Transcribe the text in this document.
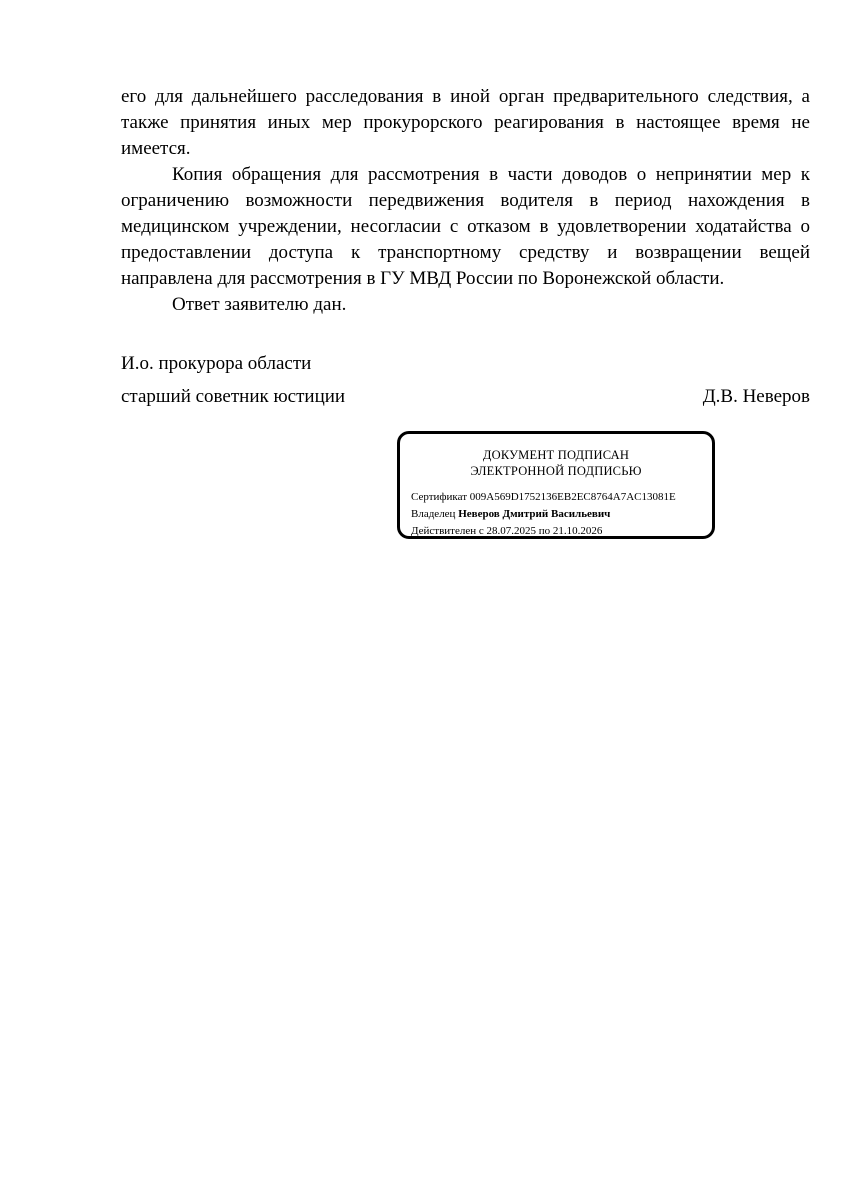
его для дальнейшего расследования в иной орган предварительного следствия, а также принятия иных мер прокурорского реагирования в настоящее время не имеется.

Копия обращения для рассмотрения в части доводов о непринятии мер к ограничению возможности передвижения водителя в период нахождения в медицинском учреждении, несогласии с отказом в удовлетворении ходатайства о предоставлении доступа к транспортному средству и возвращении вещей направлена для рассмотрения в ГУ МВД России по Воронежской области.

Ответ заявителю дан.

И.о. прокурора области
старший советник юстиции	Д.В. Неверов
ДОКУМЕНТ ПОДПИСАН
ЭЛЕКТРОННОЙ ПОДПИСЬЮ
Сертификат 009A569D1752136EB2EC8764A7AC13081E
Владелец Неверов Дмитрий Васильевич
Действителен с 28.07.2025 по 21.10.2026
